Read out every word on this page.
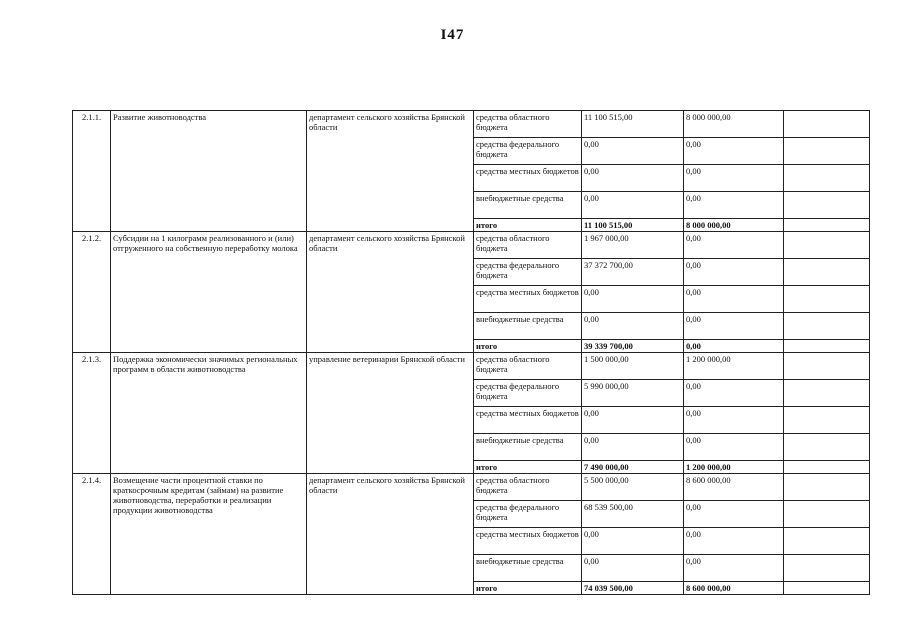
I47
2.1.1.	Развитие животноводства	департамент сельского хозяйства Брянской области	средства областного бюджета	11 100 515,00	8 000 000,00	
			средства федерального бюджета	0,00	0,00	
			средства местных бюджетов	0,00	0,00	
			внебюджетные средства	0,00	0,00	
			итого	11 100 515,00	8 000 000,00	
2.1.2.	Субсидии на 1 килограмм реализованного и (или) отгруженного на собственную переработку молока	департамент сельского хозяйства Брянской области	средства областного бюджета	1 967 000,00	0,00	
			средства федерального бюджета	37 372 700,00	0,00	
			средства местных бюджетов	0,00	0,00	
			внебюджетные средства	0,00	0,00	
			итого	39 339 700,00	0,00	
2.1.3.	Поддержка экономически значимых региональных программ в области животноводства	управление ветеринарии Брянской области	средства областного бюджета	1 500 000,00	1 200 000,00	
			средства федерального бюджета	5 990 000,00	0,00	
			средства местных бюджетов	0,00	0,00	
			внебюджетные средства	0,00	0,00	
			итого	7 490 000,00	1 200 000,00	
2.1.4.	Возмещение части процентной ставки по краткосрочным кредитам (займам) на развитие животноводства, переработки и реализации продукции животноводства	департамент сельского хозяйства Брянской области	средства областного бюджета	5 500 000,00	8 600 000,00	
			средства федерального бюджета	68 539 500,00	0,00	
			средства местных бюджетов	0,00	0,00	
			внебюджетные средства	0,00	0,00	
			итого	74 039 500,00	8 600 000,00	
